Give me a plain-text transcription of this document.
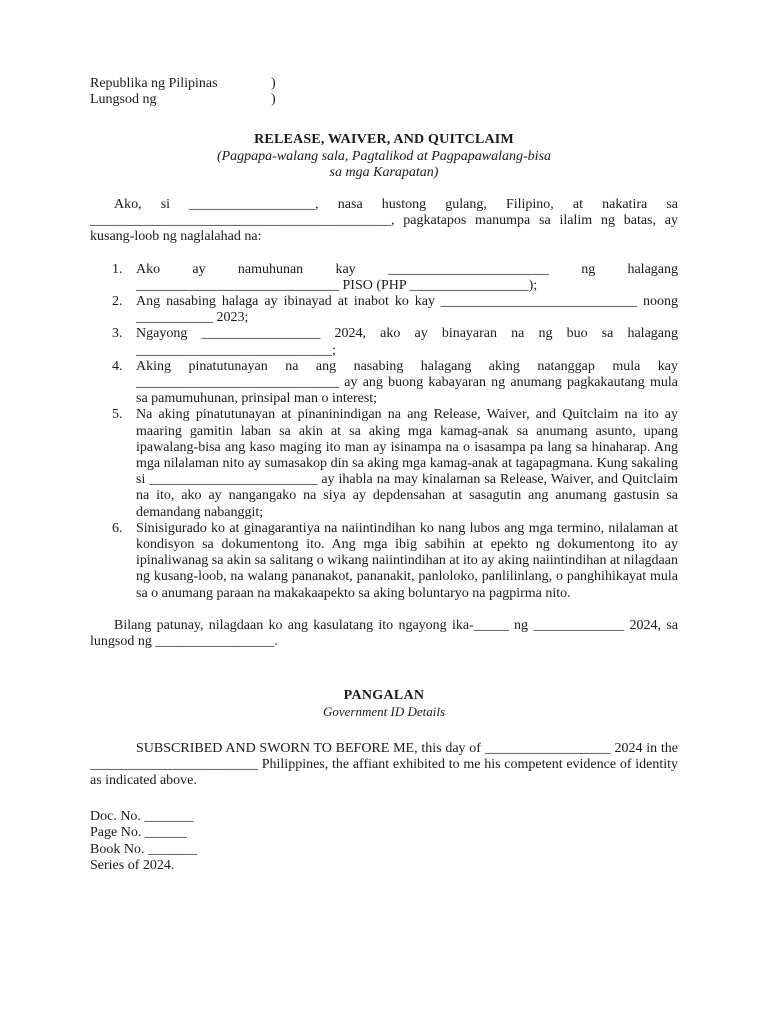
Republika ng Pilipinas	)
Lungsod ng	)
RELEASE, WAIVER, AND QUITCLAIM
(Pagpapa-walang sala, Pagtalikod at Pagpapawalang-bisa
sa mga Karapatan)

Ako, si __________________, nasa hustong gulang, Filipino, at nakatira sa ___________________________________________, pagkatapos manumpa sa ilalim ng batas, ay kusang-loob ng naglalahad na:

1. Ako ay namuhunan kay _______________________ ng halagang _____________________________ PISO (PHP _________________);
2. Ang nasabing halaga ay ibinayad at inabot ko kay ____________________________ noong ___________ 2023;
3. Ngayong _________________ 2024, ako ay binayaran na ng buo sa halagang ____________________________;
4. Aking pinatutunayan na ang nasabing halagang aking natanggap mula kay _____________________________ ay ang buong kabayaran ng anumang pagkakautang mula sa pamumuhunan, prinsipal man o interest;
5. Na aking pinatutunayan at pinaninindigan na ang Release, Waiver, and Quitclaim na ito ay maaring gamitin laban sa akin at sa aking mga kamag-anak sa anumang asunto, upang ipawalang-bisa ang kaso maging ito man ay isinampa na o isasampa pa lang sa hinaharap. Ang mga nilalaman nito ay sumasakop din sa aking mga kamag-anak at tagapagmana. Kung sakaling si ________________________ ay ihabla na may kinalaman sa Release, Waiver, and Quitclaim na ito, ako ay nangangako na siya ay depdensahan at sasagutin ang anumang gastusin sa demandang nabanggit;
6. Sinisigurado ko at ginagarantiya na naiintindihan ko nang lubos ang mga termino, nilalaman at kondisyon sa dokumentong ito. Ang mga ibig sabihin at epekto ng dokumentong ito ay ipinaliwanag sa akin sa salitang o wikang naiintindihan at ito ay aking naiintindihan at nilagdaan ng kusang-loob, na walang pananakot, pananakit, panloloko, panlilinlang, o panghihikayat mula sa o anumang paraan na makakaapekto sa aking boluntaryo na pagpirma nito.

Bilang patunay, nilagdaan ko ang kasulatang ito ngayong ika-_____ ng _____________ 2024, sa lungsod ng _________________.

PANGALAN
Government ID Details

SUBSCRIBED AND SWORN TO BEFORE ME, this day of __________________ 2024 in the ________________________ Philippines, the affiant exhibited to me his competent evidence of identity as indicated above.

Doc. No. _______
Page No. ______
Book No. _______
Series of 2024.
